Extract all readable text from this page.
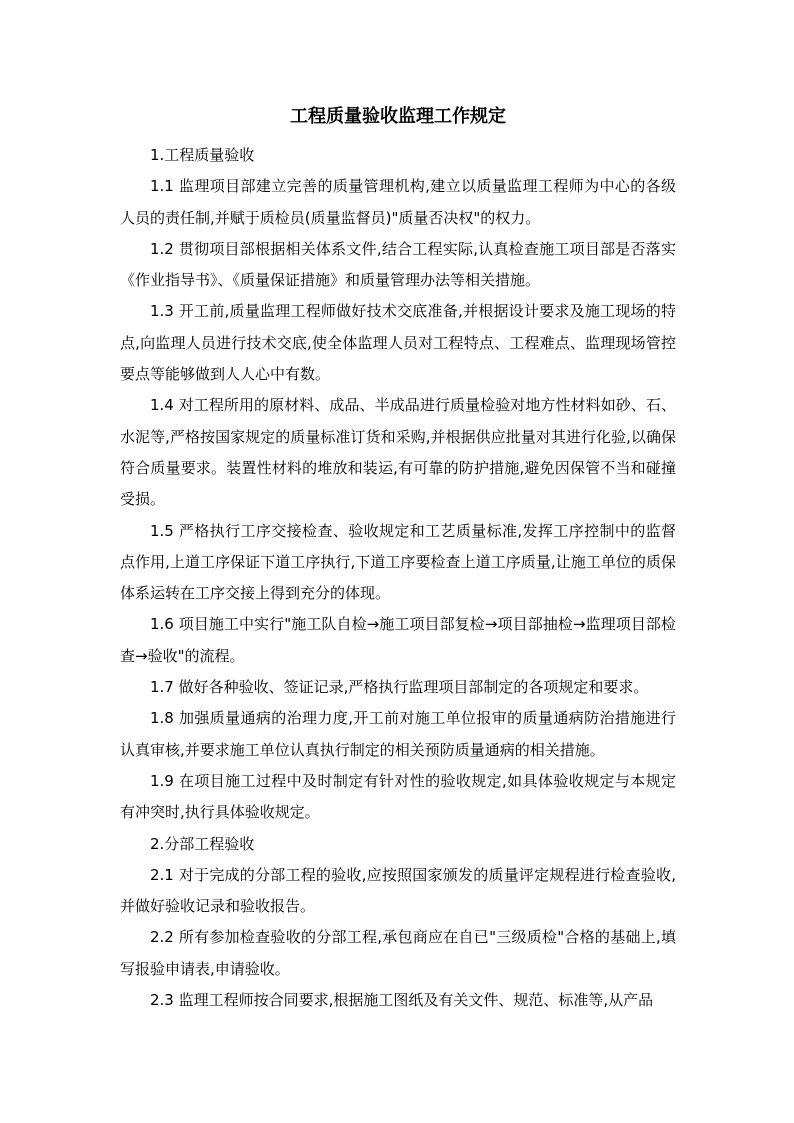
工程质量验收监理工作规定

1.工程质量验收

1.1 监理项目部建立完善的质量管理机构,建立以质量监理工程师为中心的各级人员的责任制,并赋于质检员(质量监督员)"质量否决权"的权力。

1.2 贯彻项目部根据相关体系文件,结合工程实际,认真检查施工项目部是否落实《作业指导书》、《质量保证措施》和质量管理办法等相关措施。

1.3 开工前,质量监理工程师做好技术交底准备,并根据设计要求及施工现场的特点,向监理人员进行技术交底,使全体监理人员对工程特点、工程难点、监理现场管控要点等能够做到人人心中有数。

1.4 对工程所用的原材料、成品、半成品进行质量检验对地方性材料如砂、石、水泥等,严格按国家规定的质量标准订货和采购,并根据供应批量对其进行化验,以确保符合质量要求。装置性材料的堆放和装运,有可靠的防护措施,避免因保管不当和碰撞受损。

1.5 严格执行工序交接检查、验收规定和工艺质量标准,发挥工序控制中的监督点作用,上道工序保证下道工序执行,下道工序要检查上道工序质量,让施工单位的质保体系运转在工序交接上得到充分的体现。

1.6 项目施工中实行"施工队自检→施工项目部复检→项目部抽检→监理项目部检查→验收"的流程。

1.7 做好各种验收、签证记录,严格执行监理项目部制定的各项规定和要求。

1.8 加强质量通病的治理力度,开工前对施工单位报审的质量通病防治措施进行认真审核,并要求施工单位认真执行制定的相关预防质量通病的相关措施。

1.9 在项目施工过程中及时制定有针对性的验收规定,如具体验收规定与本规定有冲突时,执行具体验收规定。

2.分部工程验收

2.1 对于完成的分部工程的验收,应按照国家颁发的质量评定规程进行检查验收,并做好验收记录和验收报告。

2.2 所有参加检查验收的分部工程,承包商应在自已"三级质检"合格的基础上,填写报验申请表,申请验收。

2.3 监理工程师按合同要求,根据施工图纸及有关文件、规范、标准等,从产品
